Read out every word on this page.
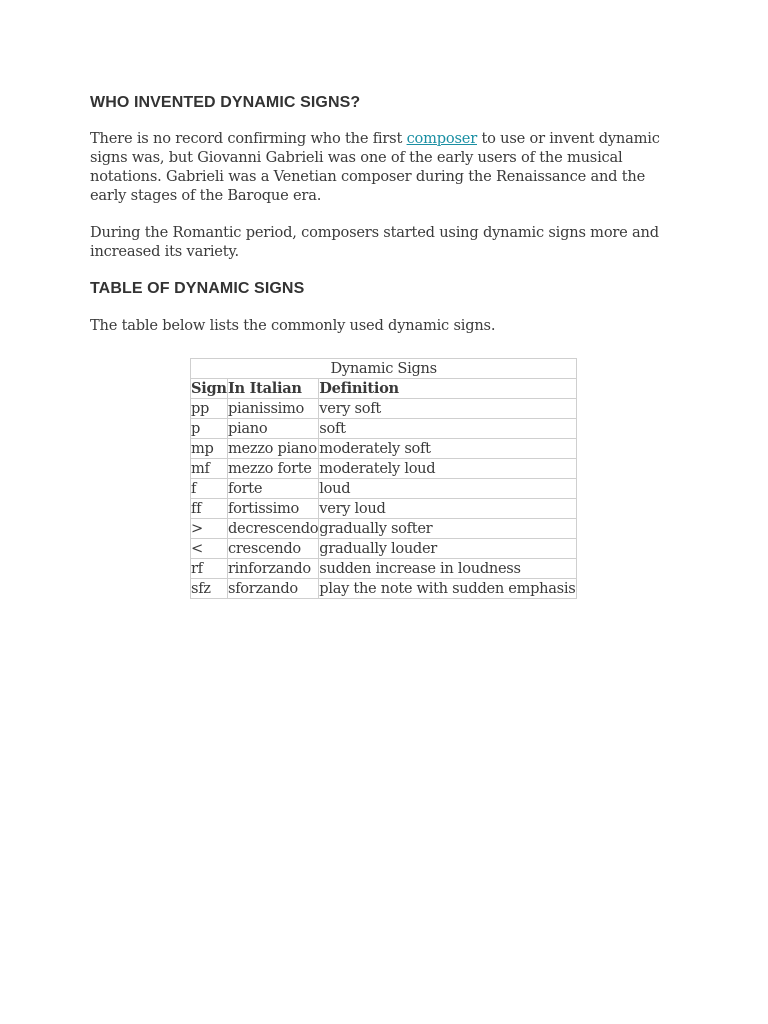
WHO INVENTED DYNAMIC SIGNS?

There is no record confirming who the first composer to use or invent dynamic signs was, but Giovanni Gabrieli was one of the early users of the musical notations. Gabrieli was a Venetian composer during the Renaissance and the early stages of the Baroque era.

During the Romantic period, composers started using dynamic signs more and increased its variety.

TABLE OF DYNAMIC SIGNS

The table below lists the commonly used dynamic signs.

Dynamic Signs
Sign	In Italian	Definition
pp	pianissimo	very soft
p	piano	soft
mp	mezzo piano	moderately soft
mf	mezzo forte	moderately loud
f	forte	loud
ff	fortissimo	very loud
>	decrescendo	gradually softer
<	crescendo	gradually louder
rf	rinforzando	sudden increase in loudness
sfz	sforzando	play the note with sudden emphasis
